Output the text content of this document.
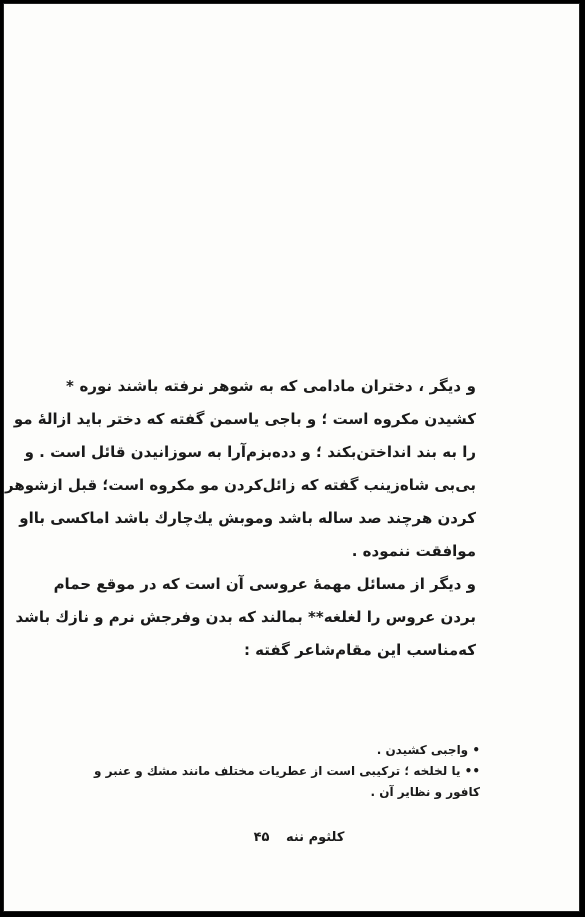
و دیگر ، دختران مادامی که به شوهر نرفته باشند نوره *
کشیدن مکروه است ؛ و باجی یاسمن گفته که دختر باید ازالهٔ مو
را به بند انداختن‌بکند ؛ و دده‌بزم‌آرا به سوزانیدن قائل است . و
بی‌بی شاه‌زینب گفته که زائل‌کردن مو مکروه است؛ قبل ازشوهر
کردن هرچند صد ساله باشد وموبش یك‌چارك باشد اماکسی بااو
موافقت ننموده .

و دیگر از مسائل مهمهٔ عروسی آن است که در موقع حمام
بردن عروس را لغلغه** بمالند که بدن وفرجش نرم و نازك باشد
که‌مناسب این مقام‌شاعر گفته :

• واجبی کشیدن .
•• یا لخلخه ؛ ترکیبی است از عطریات مختلف مانند مشك و عنبر و
کافور و نظایر آن .
کلثوم ننه ۴۵
